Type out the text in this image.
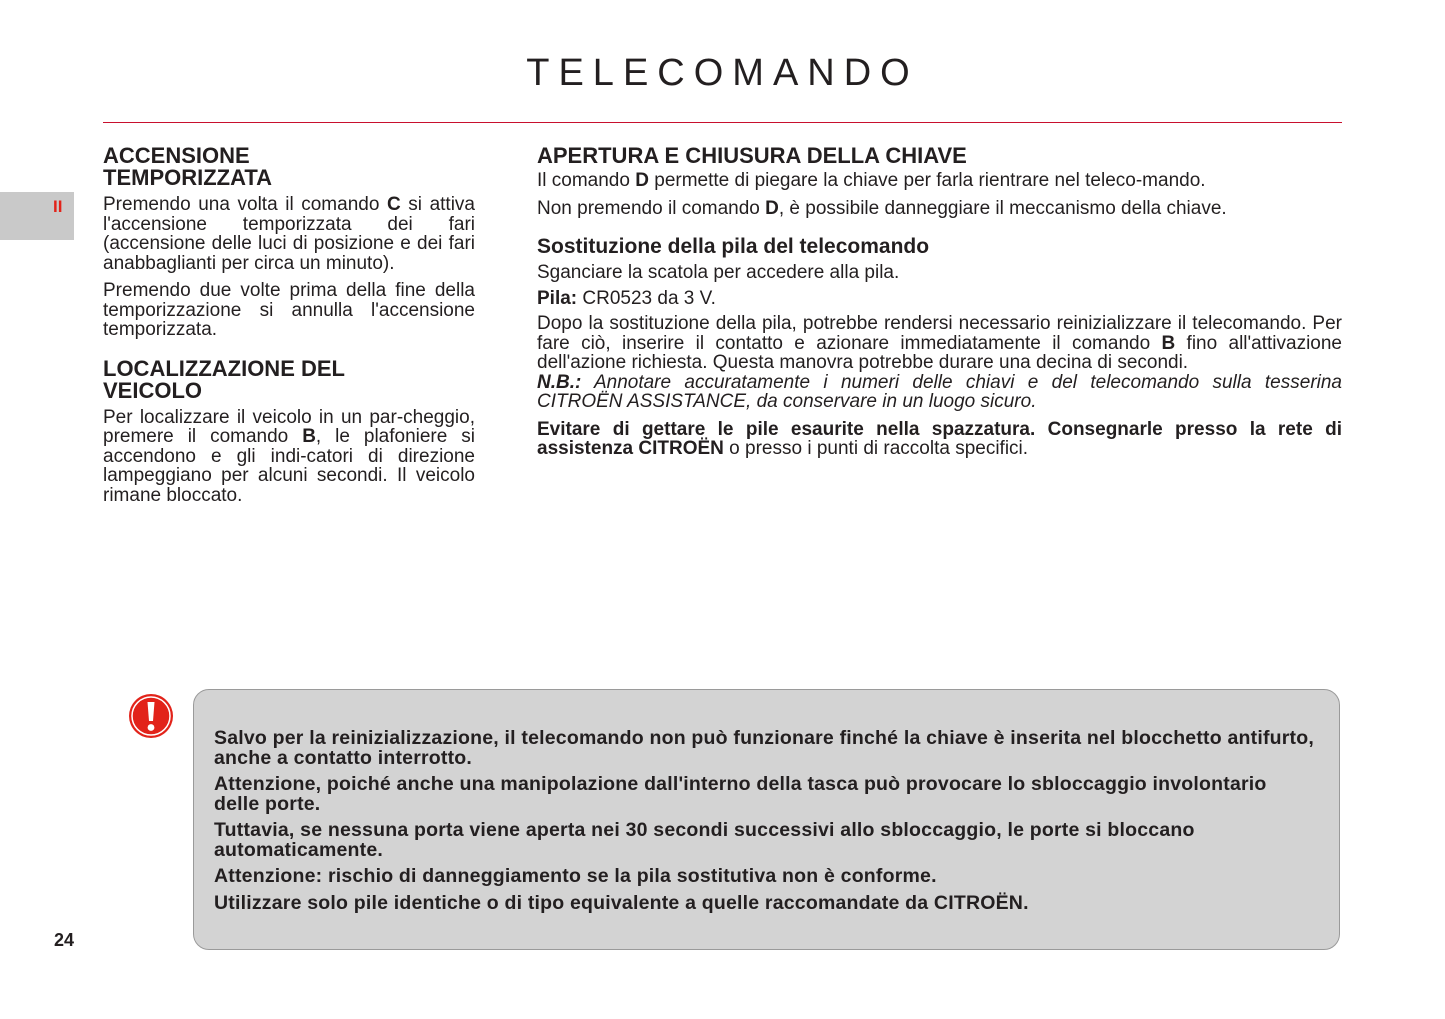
TELECOMANDO
II
ACCENSIONE TEMPORIZZATA

Premendo una volta il comando C si attiva l'accensione temporizzata dei fari (accensione delle luci di posizione e dei fari anabbaglianti per circa un minuto).

Premendo due volte prima della fine della temporizzazione si annulla l'accensione temporizzata.

LOCALIZZAZIONE DEL VEICOLO

Per localizzare il veicolo in un par-cheggio, premere il comando B, le plafoniere si accendono e gli indi-catori di direzione lampeggiano per alcuni secondi. Il veicolo rimane bloccato.

APERTURA E CHIUSURA DELLA CHIAVE

Il comando D permette di piegare la chiave per farla rientrare nel teleco-mando.

Non premendo il comando D, è possibile danneggiare il meccanismo della chiave.

Sostituzione della pila del telecomando

Sganciare la scatola per accedere alla pila.

Pila: CR0523 da 3 V.

Dopo la sostituzione della pila, potrebbe rendersi necessario reinizializzare il telecomando. Per fare ciò, inserire il contatto e azionare immediatamente il comando B fino all'attivazione dell'azione richiesta. Questa manovra potrebbe durare una decina di secondi.

N.B.: Annotare accuratamente i numeri delle chiavi e del telecomando sulla tesserina CITROËN ASSISTANCE, da conservare in un luogo sicuro.

Evitare di gettare le pile esaurite nella spazzatura. Consegnarle presso la rete di assistenza CITROËN o presso i punti di raccolta specifici.

Salvo per la reinizializzazione, il telecomando non può funzionare finché la chiave è inserita nel blocchetto antifurto, anche a contatto interrotto.

Attenzione, poiché anche una manipolazione dall'interno della tasca può provocare lo sbloccaggio involontario delle porte.

Tuttavia, se nessuna porta viene aperta nei 30 secondi successivi allo sbloccaggio, le porte si bloccano automaticamente.

Attenzione: rischio di danneggiamento se la pila sostitutiva non è conforme.

Utilizzare solo pile identiche o di tipo equivalente a quelle raccomandate da CITROËN.

24
